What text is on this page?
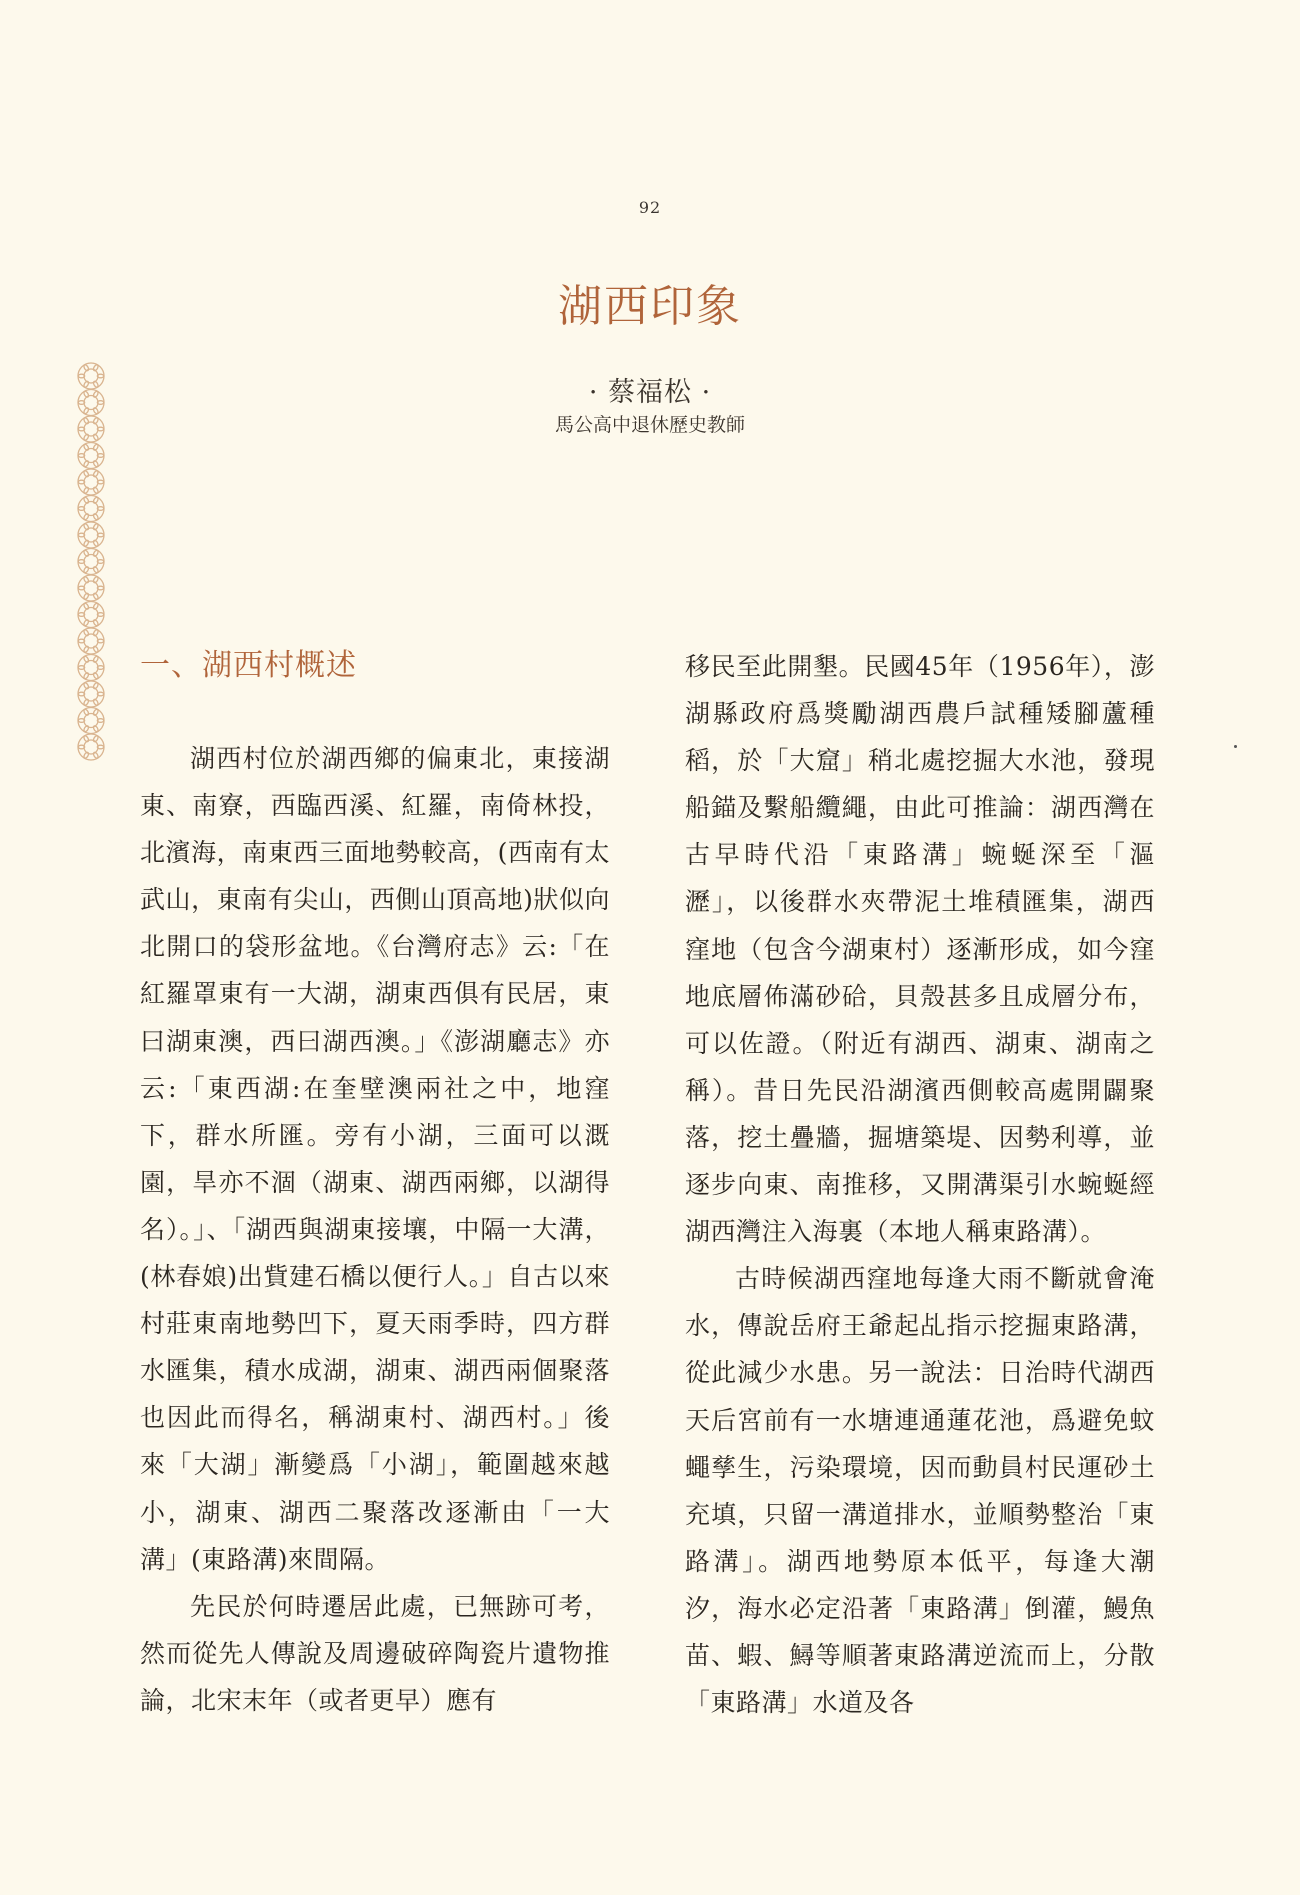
92
湖西印象
· 蔡福松 ·
馬公高中退休歷史教師
一、湖西村概述

湖西村位於湖西鄉的偏東北，東接湖東、南寮，西臨西溪、紅羅，南倚林投，北濱海，南東西三面地勢較高，(西南有太武山，東南有尖山，西側山頂高地)狀似向北開口的袋形盆地。《台灣府志》云:「在紅羅罩東有一大湖，湖東西俱有民居，東曰湖東澳，西曰湖西澳。」《澎湖廳志》亦云:「東西湖:在奎壁澳兩社之中，地窪下，群水所匯。旁有小湖，三面可以溉園，旱亦不涸（湖東、湖西兩鄉，以湖得名）。」、「湖西與湖東接壤，中隔一大溝，(林春娘)出貲建石橋以便行人。」自古以來村莊東南地勢凹下，夏天雨季時，四方群水匯集，積水成湖，湖東、湖西兩個聚落也因此而得名，稱湖東村、湖西村。」後來「大湖」漸變爲「小湖」，範圍越來越小，湖東、湖西二聚落改逐漸由「一大溝」(東路溝)來間隔。

先民於何時遷居此處，已無跡可考，然而從先人傳說及周邊破碎陶瓷片遺物推論，北宋末年（或者更早）應有

移民至此開墾。民國45年（1956年），澎湖縣政府爲獎勵湖西農戶試種矮腳蘆種稻，於「大窟」稍北處挖掘大水池，發現船錨及繫船纜繩，由此可推論：湖西灣在古早時代沿「東路溝」蜿蜒深至「漚瀝」，以後群水夾帶泥土堆積匯集，湖西窪地（包含今湖東村）逐漸形成，如今窪地底層佈滿砂硆，貝殼甚多且成層分布，可以佐證。（附近有湖西、湖東、湖南之稱）。昔日先民沿湖濱西側較高處開闢聚落，挖土疊牆，掘塘築堤、因勢利導，並逐步向東、南推移，又開溝渠引水蜿蜒經湖西灣注入海裏（本地人稱東路溝）。

古時候湖西窪地每逢大雨不斷就會淹水，傳說岳府王爺起乩指示挖掘東路溝，從此減少水患。另一說法：日治時代湖西天后宮前有一水塘連通蓮花池，爲避免蚊蠅孳生，污染環境，因而動員村民運砂土充填，只留一溝道排水，並順勢整治「東路溝」。湖西地勢原本低平，每逢大潮汐，海水必定沿著「東路溝」倒灌，鰻魚苗、蝦、鱘等順著東路溝逆流而上，分散「東路溝」水道及各
